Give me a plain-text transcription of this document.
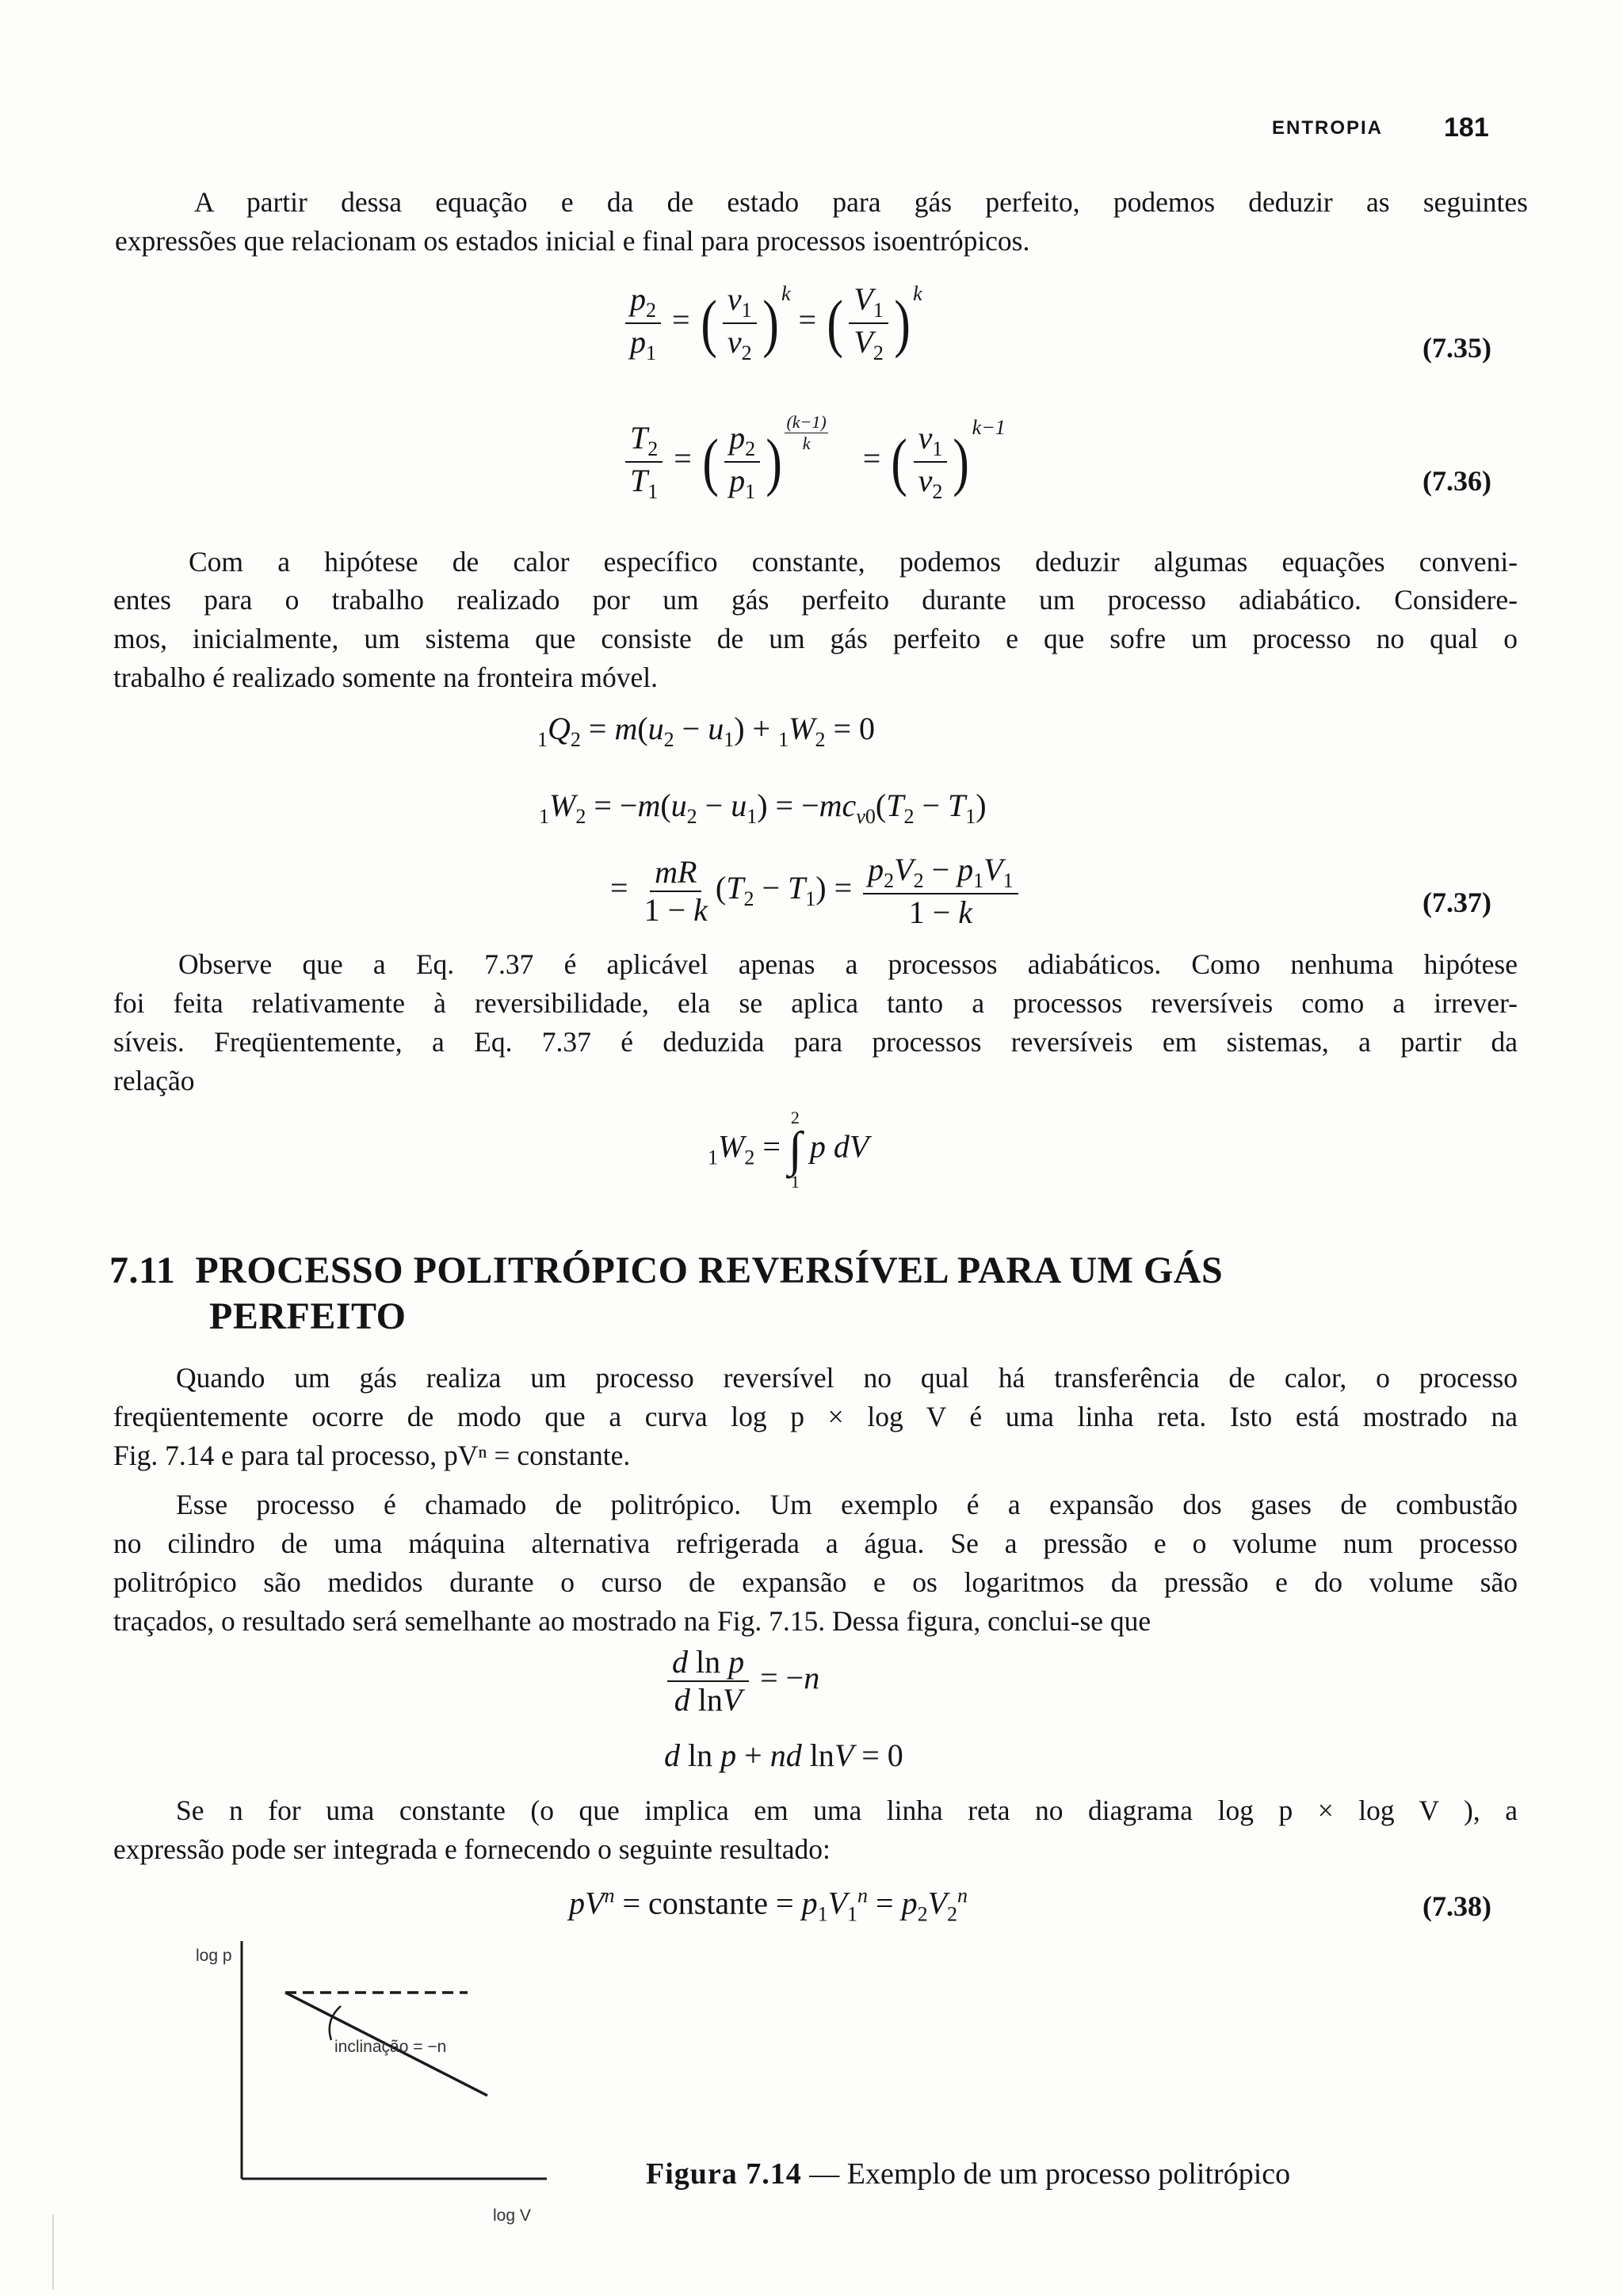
ENTROPIA 181
A partir dessa equação e da de estado para gás perfeito, podemos deduzir as seguintes
expressões que relacionam os estados inicial e final para processos isoentrópicos.
$\frac{p_2}{p_1}$ = ( $\frac{v_1}{v_2}$ ) $^k$ = ( $\frac{V_1}{V_2}$ ) $^k$
(7.35)
$\frac{T_2}{T_1}$ = ( $\frac{p_2}{p_1}$ ) $\frac{(k-1)}{k}$
= ( $\frac{v_1}{v_2}$ ) $^{k-1}$
(7.36)
Com a hipótese de calor específico constante, podemos deduzir algumas equações conveni-
entes para o trabalho realizado por um gás perfeito durante um processo adiabático. Considere-
mos, inicialmente, um sistema que consiste de um gás perfeito e que sofre um processo no qual o
trabalho é realizado somente na fronteira móvel.
$_1Q_2 = m(u_2 - u_1) + _1W_2 = 0$
$_1W_2 = -m(u_2 - u_1) = -mc_{v0}(T_2 - T_1)$
= $\frac{mR}{1 - k} (T_2 - T_1) = \frac{p_2V_2 - p_1V_1}{1 - k}$	(7.37)
Observe que a Eq. 7.37 é aplicável apenas a processos adiabáticos. Como nenhuma hipótese
foi feita relativamente à reversibilidade, ela se aplica tanto a processos reversíveis como a irrever-
síveis. Freqüentemente, a Eq. 7.37 é deduzida para processos reversíveis em sistemas, a partir da
relação
$_1W_2$ =
2
∫
1
p dV
7.11 PROCESSO POLITRÓPICO REVERSÍVEL PARA UM GÁS
PERFEITO
Quando um gás realiza um processo reversível no qual há transferência de calor, o processo
freqüentemente ocorre de modo que a curva log p × log V é uma linha reta. Isto está mostrado na
Fig. 7.14 e para tal processo, pVⁿ = constante.
Esse processo é chamado de politrópico. Um exemplo é a expansão dos gases de combustão
no cilindro de uma máquina alternativa refrigerada a água. Se a pressão e o volume num processo
politrópico são medidos durante o curso de expansão e os logaritmos da pressão e do volume são
traçados, o resultado será semelhante ao mostrado na Fig. 7.15. Dessa figura, conclui-se que
$\frac{\text{d ln p}}{\text{d lnV}} = -n$
d ln p + nd lnV = 0
Se n for uma constante (o que implica em uma linha reta no diagrama log p × log V ), a
expressão pode ser integrada e fornecendo o seguinte resultado:
$pV^n$ = constante = $p_1V_1^n = p_2V_2^n$	(7.38)
log p
log V
inclinação = −n
Figura 7.14 — Exemplo de um processo politrópico
